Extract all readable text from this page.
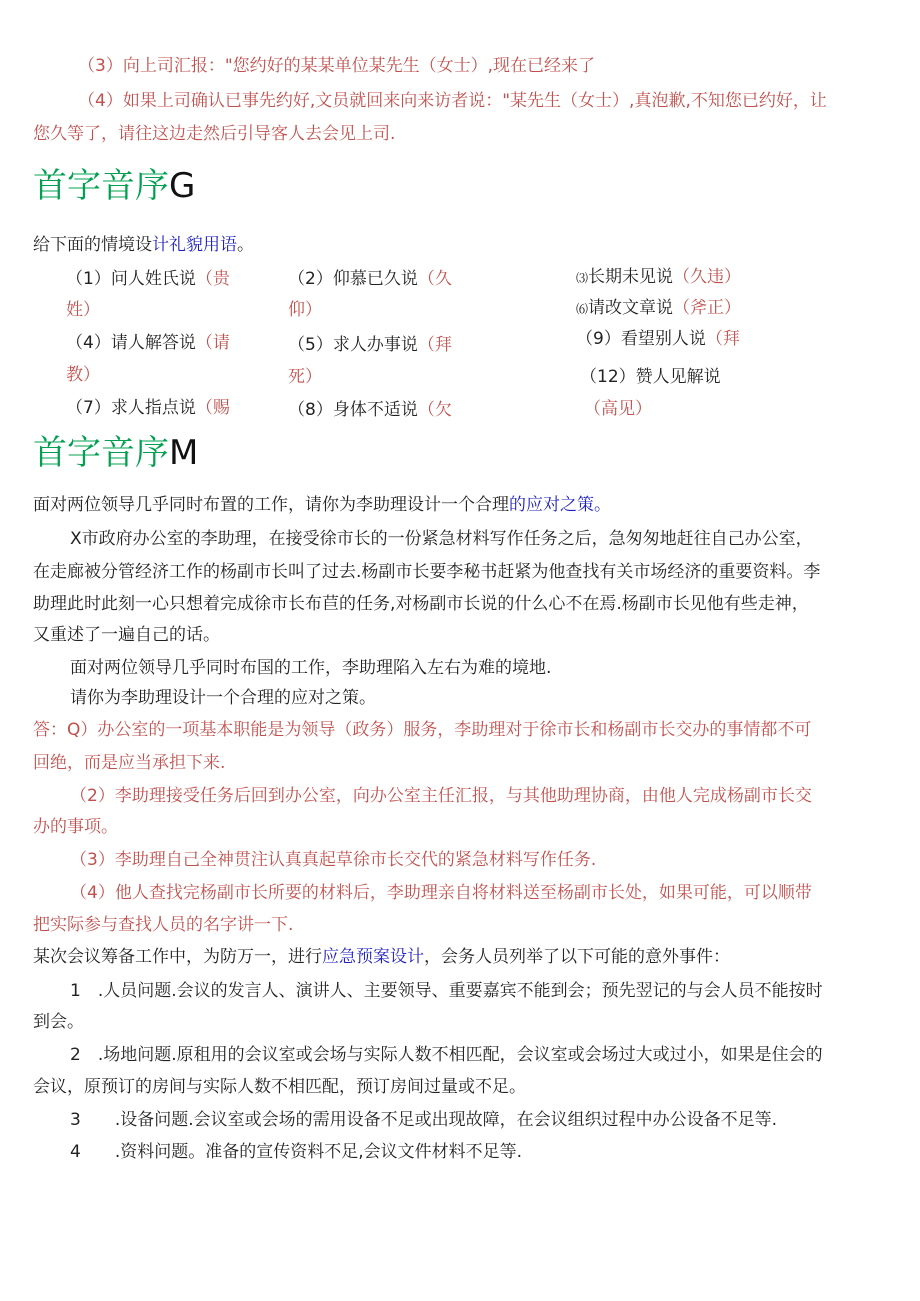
（3）向上司汇报："您约好的某某单位某先生（女士）,现在已经来了
（4）如果上司确认已事先约好,文员就回来向来访者说："某先生（女士）,真泡歉,不知您已约好，让
您久等了，请往这边走然后引导客人去会见上司.
首字音序G
给下面的情境设计礼貌用语。
（1）问人姓氏说（贵
姓）
（4）请人解答说（请
教）
（7）求人指点说（赐
（2）仰慕已久说（久
仰）
（5）求人办事说（拜
死）
（8）身体不适说（欠
⑶长期未见说（久违）
⑹请改文章说（斧正）
（9）看望别人说（拜
（12）赞人见解说
（高见）
首字音序M
面对两位领导几乎同时布置的工作，请你为李助理设计一个合理的应对之策。
X市政府办公室的李助理，在接受徐市长的一份紧急材料写作任务之后，急匆匆地赶往自己办公室，
在走廊被分管经济工作的杨副市长叫了过去.杨副市长要李秘书赶紧为他查找有关市场经济的重要资料。李
助理此时此刻一心只想着完成徐市长布苣的任务,对杨副市长说的什么心不在焉.杨副市长见他有些走神，
又重述了一遍自己的话。
面对两位领导几乎同时布国的工作，李助理陷入左右为难的境地.
请你为李助理设计一个合理的应对之策。
答：Q）办公室的一项基本职能是为领导（政务）服务，李助理对于徐市长和杨副市长交办的事情都不可
回绝，而是应当承担下来.
（2）李助理接受任务后回到办公室，向办公室主任汇报，与其他助理协商，由他人完成杨副市长交
办的事项。
（3）李助理自己全神贯注认真真起草徐市长交代的紧急材料写作任务.
（4）他人查找完杨副市长所要的材料后，李助理亲自将材料送至杨副市长处，如果可能，可以顺带
把实际参与查找人员的名字讲一下.
某次会议筹备工作中，为防万一，进行应急预案设计，会务人员列举了以下可能的意外事件：
1　.人员问题.会议的发言人、演讲人、主要领导、重要嘉宾不能到会；预先翌记的与会人员不能按时
到会。
2　.场地问题.原租用的会议室或会场与实际人数不相匹配，会议室或会场过大或过小，如果是住会的
会议，原预订的房间与实际人数不相匹配，预订房间过量或不足。
3　　.设备问题.会议室或会场的需用设备不足或出现故障，在会议组织过程中办公设备不足等.
4　　.资料问题。准备的宣传资料不足,会议文件材料不足等.
